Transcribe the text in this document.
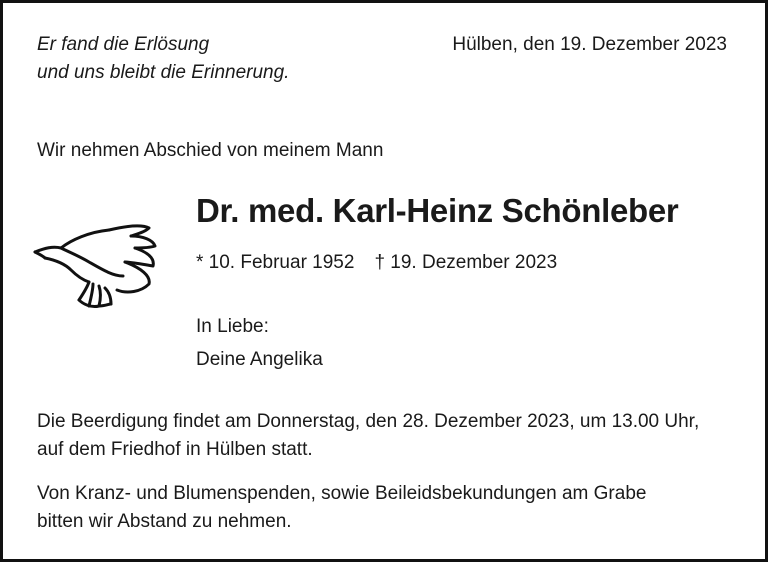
Er fand die Erlösung
und uns bleibt die Erinnerung.
Hülben, den 19. Dezember 2023
Wir nehmen Abschied von meinem Mann
Dr. med. Karl-Heinz Schönleber
* 10. Februar 1952 † 19. Dezember 2023
In Liebe:
Deine Angelika
Die Beerdigung findet am Donnerstag, den 28. Dezember 2023, um 13.00 Uhr,
auf dem Friedhof in Hülben statt.
Von Kranz- und Blumenspenden, sowie Beileidsbekundungen am Grabe
bitten wir Abstand zu nehmen.
